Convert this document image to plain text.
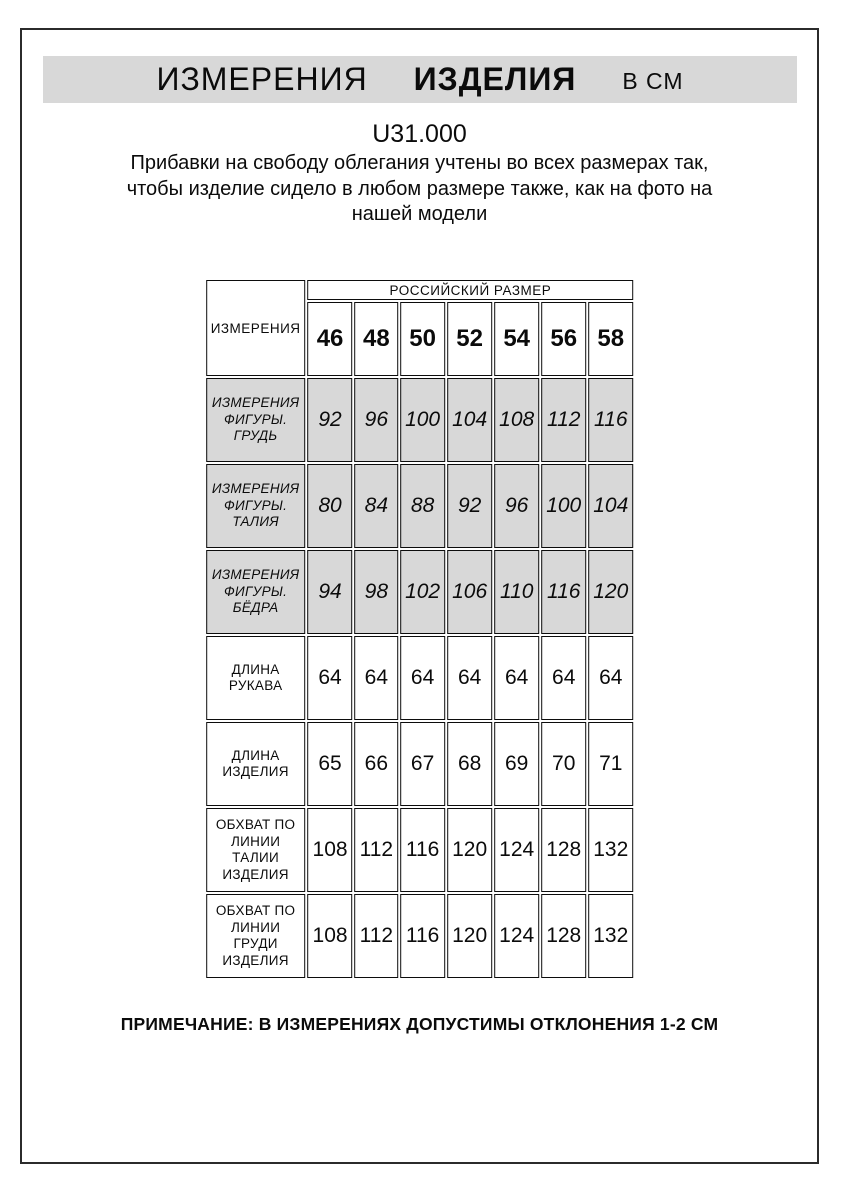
ИЗМЕРЕНИЯ ИЗДЕЛИЯ В СМ
U31.000
Прибавки на свободу облегания учтены во всех размерах так,
чтобы изделие сидело в любом размере также, как на фото на
нашей модели
ИЗМЕРЕНИЯ	РОССИЙСКИЙ РАЗМЕР						
	46	48	50	52	54	56	58
ИЗМЕРЕНИЯ ФИГУРЫ. ГРУДЬ	92	96	100	104	108	112	116
ИЗМЕРЕНИЯ ФИГУРЫ. ТАЛИЯ	80	84	88	92	96	100	104
ИЗМЕРЕНИЯ ФИГУРЫ. БЁДРА	94	98	102	106	110	116	120
ДЛИНА РУКАВА	64	64	64	64	64	64	64
ДЛИНА ИЗДЕЛИЯ	65	66	67	68	69	70	71
ОБХВАТ ПО ЛИНИИ ТАЛИИ ИЗДЕЛИЯ	108	112	116	120	124	128	132
ОБХВАТ ПО ЛИНИИ ГРУДИ ИЗДЕЛИЯ	108	112	116	120	124	128	132
ПРИМЕЧАНИЕ: В ИЗМЕРЕНИЯХ ДОПУСТИМЫ ОТКЛОНЕНИЯ 1-2 СМ
